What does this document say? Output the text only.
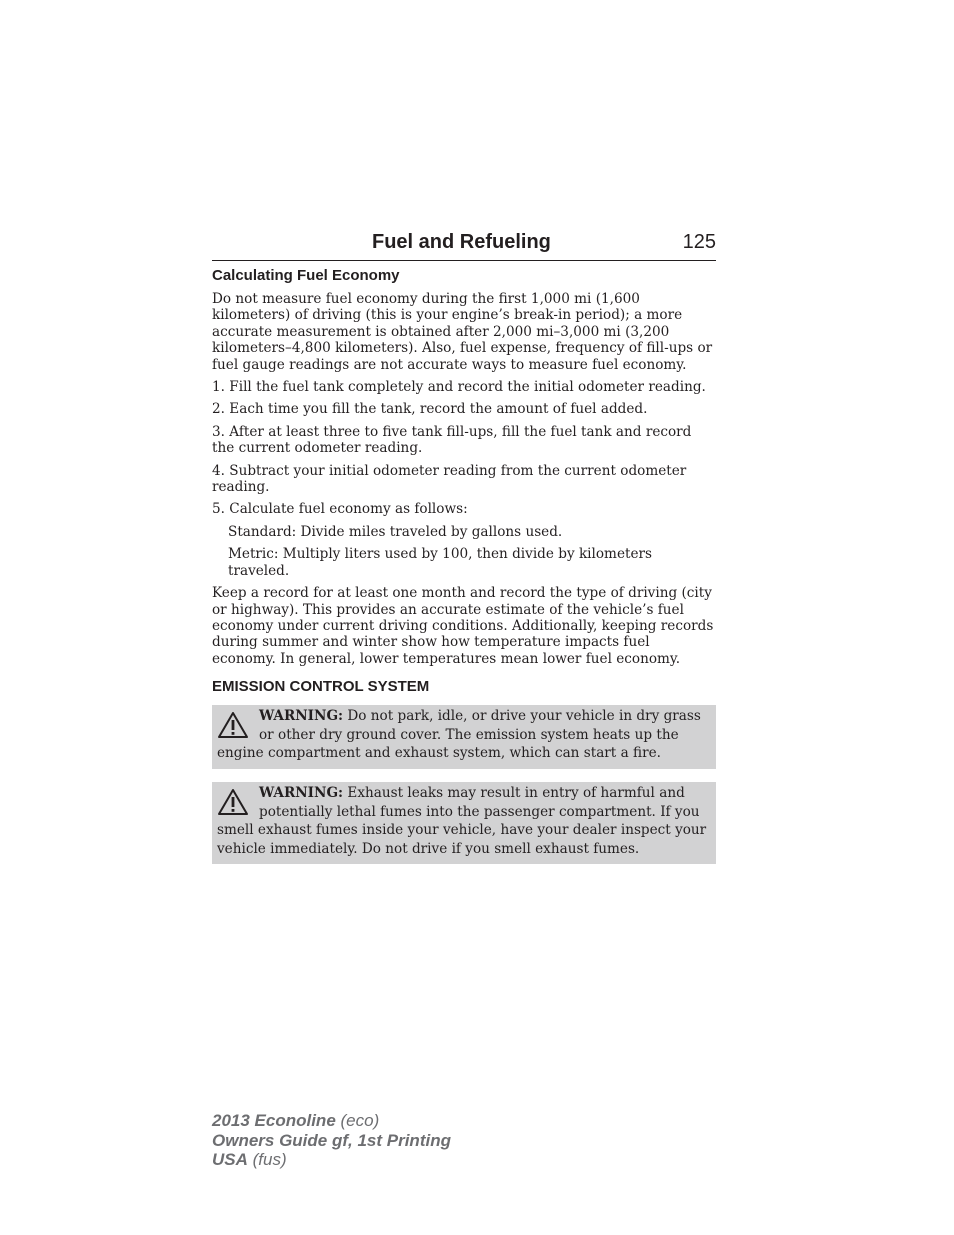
Fuel and Refueling	125
Calculating Fuel Economy

Do not measure fuel economy during the first 1,000 mi (1,600 kilometers) of driving (this is your engine’s break-in period); a more accurate measurement is obtained after 2,000 mi–3,000 mi (3,200 kilometers–4,800 kilometers). Also, fuel expense, frequency of fill-ups or fuel gauge readings are not accurate ways to measure fuel economy.

1. Fill the fuel tank completely and record the initial odometer reading.

2. Each time you fill the tank, record the amount of fuel added.

3. After at least three to five tank fill-ups, fill the fuel tank and record the current odometer reading.

4. Subtract your initial odometer reading from the current odometer reading.

5. Calculate fuel economy as follows:

Standard: Divide miles traveled by gallons used.

Metric: Multiply liters used by 100, then divide by kilometers traveled.

Keep a record for at least one month and record the type of driving (city or highway). This provides an accurate estimate of the vehicle’s fuel economy under current driving conditions. Additionally, keeping records during summer and winter show how temperature impacts fuel economy. In general, lower temperatures mean lower fuel economy.

EMISSION CONTROL SYSTEM
WARNING: Do not park, idle, or drive your vehicle in dry grass or other dry ground cover. The emission system heats up the engine compartment and exhaust system, which can start a fire.
WARNING: Exhaust leaks may result in entry of harmful and potentially lethal fumes into the passenger compartment. If you smell exhaust fumes inside your vehicle, have your dealer inspect your vehicle immediately. Do not drive if you smell exhaust fumes.
2013 Econoline (eco)
Owners Guide gf, 1st Printing
USA (fus)
